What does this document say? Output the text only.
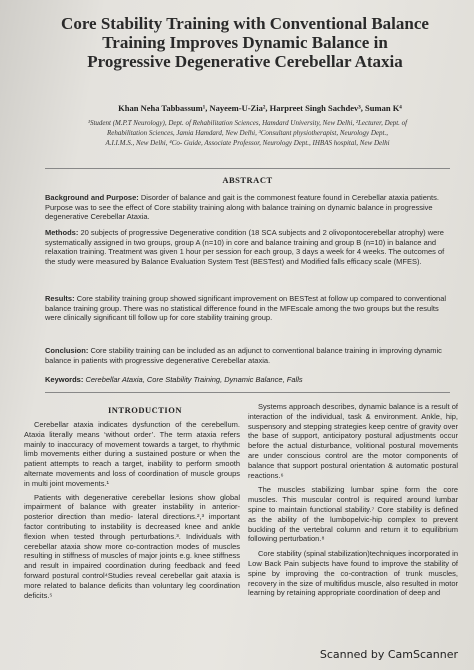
Core Stability Training with Conventional Balance
Training Improves Dynamic Balance in
Progressive Degenerative Cerebellar Ataxia
Khan Neha Tabbassum¹, Nayeem-U-Zia², Harpreet Singh Sachdev³, Suman K⁴
¹Student (M.P.T Neurology), Dept. of Rehabilitation Sciences, Hamdard University, New Delhi, ²Lecturer, Dept. of
Rehabilitation Sciences, Jamia Hamdard, New Delhi, ³Consultant physiotherapist, Neurology Dept.,
A.I.I.M.S., New Delhi, ⁴Co- Guide, Associate Professor, Neurology Dept., IHBAS hospital, New Delhi
ABSTRACT

Background and Purpose: Disorder of balance and gait is the commonest feature found in Cerebellar ataxia patients. Purpose was to see the effect of Core stability training along with balance training on dynamic balance in progressive degenerative Cerebellar Ataxia.

Methods: 20 subjects of progressive Degenerative condition (18 SCA subjects and 2 olivopontocerebellar atrophy) were systematically assigned in two groups, group A (n=10) in core and balance training and group B (n=10) in balance and relaxation training. Treatment was given 1 hour per session for each group, 3 days a week for 4 weeks. The outcomes of the study were measured by Balance Evaluation System Test (BESTest) and Modified falls efficacy scale (MFES).

Results: Core stability training group showed significant improvement on BESTest at follow up compared to conventional balance training group. There was no statistical difference found in the MFEscale among the two groups but the results were clinically significant till follow up for core stability training group.

Conclusion: Core stability training can be included as an adjunct to conventional balance training in improving dynamic balance in patients with progressive degenerative Cerebellar ataxia.

Keywords: Cerebellar Ataxia, Core Stability Training, Dynamic Balance, Falls
INTRODUCTION

Cerebellar ataxia indicates dysfunction of the cerebellum. Ataxia literally means ‘without order’. The term ataxia refers mainly to inaccuracy of movement towards a target, to rhythmic limb movements either during a sustained posture or when the patient attempts to reach a target, inability to perform smooth alternate movements and loss of coordination of muscle groups in multi joint movements.¹

Patients with degenerative cerebellar lesions show global impairment of balance with greater instability in anterior- posterior direction than medio- lateral directions.²,³ important factor contributing to instability is decreased knee and ankle flexion when tested through perturbations.³. Individuals with cerebellar ataxia show more co-contraction modes of muscles resulting in stiffness of muscles of major joints e.g. knee stiffness and result in impaired coordination during feedback and feed forward postural control⁴Studies reveal cerebellar gait ataxia is more related to balance deficits than voluntary leg coordination deficits.⁵

Systems approach describes, dynamic balance is a result of interaction of the individual, task & environment. Ankle, hip, suspensory and stepping strategies keep centre of gravity over the base of support, anticipatory postural adjustments occur before the actual disturbance, volitional postural movements are under conscious control are the motor components of balance that support postural orientation & automatic postural reactions.⁶

The muscles stabilizing lumbar spine form the core muscles. This muscular control is required around lumbar spine to maintain functional stability.⁷ Core stability is defined as the ability of the lumbopelvic-hip complex to prevent buckling of the vertebral column and return it to equilibrium following perturbation.⁸

Core stability (spinal stabilization)techniques incorporated in Low Back Pain subjects have found to improve the stability of spine by improving the co-contraction of trunk muscles, recovery in the size of multifidus muscle, also resulted in motor learning by retaining appropriate coordination of deep and

Scanned by CamScanner
